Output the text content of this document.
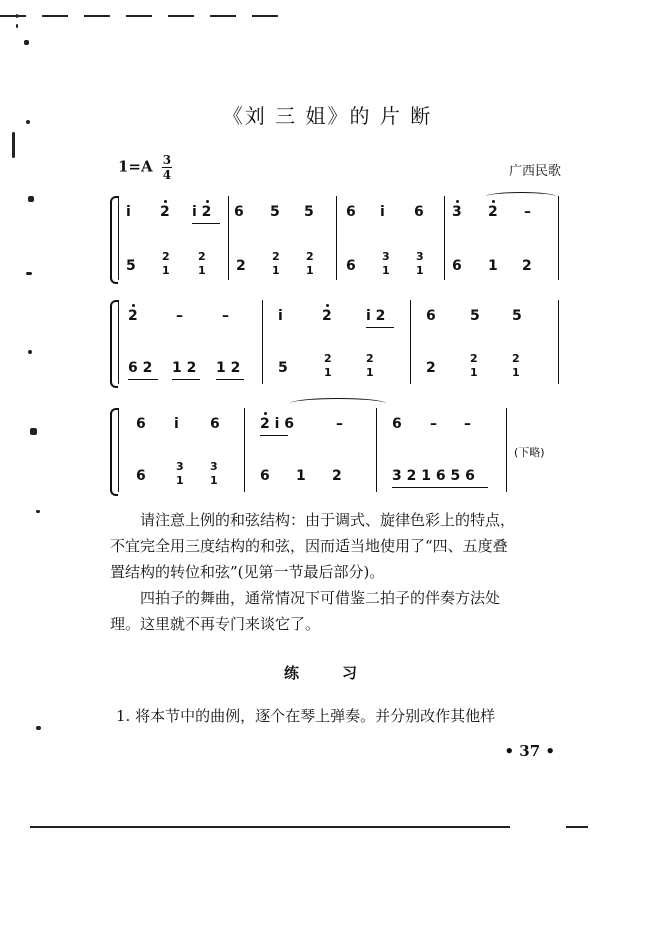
《刘 三 姐》的 片 断
$1=A \frac{3}{4}$	广西民歌
i 2 i 2 6 5 5 6 i 6 3 2 –
5
2
1
2
1 2
2
1
2
1 6
3
1
3
1 6 1 2
2	–	–	i	2 i 2	6 5 5
6 2 1 2 1 2	5
2
1
2
1	2
2
1
2
1
6 i 6	2 i 6	–	6 – –
6
3
1
3
1	6 1 2	3 2 1 6 5 6
(下略)
请注意上例的和弦结构：由于调式、旋律色彩上的特点，
不宜完全用三度结构的和弦，因而适当地使用了“四、五度叠
置结构的转位和弦”(见第一节最后部分)。
四拍子的舞曲，通常情况下可借鉴二拍子的伴奏方法处
理。这里就不再专门来谈它了。
练　习
1. 将本节中的曲例，逐个在琴上弹奏。并分别改作其他样
• 37 •
